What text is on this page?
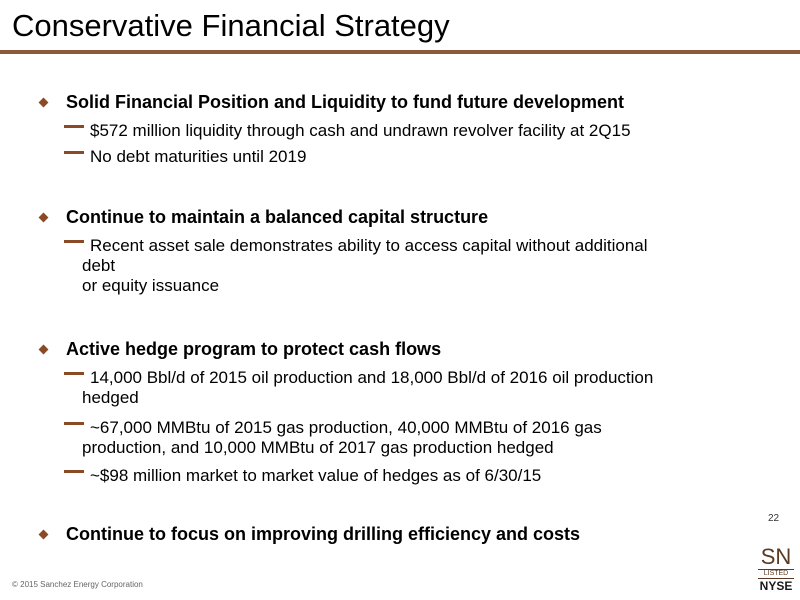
Conservative Financial Strategy
Solid Financial Position and Liquidity to fund future development
$572 million liquidity through cash and undrawn revolver facility at 2Q15
No debt maturities until 2019
Continue to maintain a balanced capital structure
Recent asset sale demonstrates ability to access capital without additional
debt
or equity issuance
Active hedge program to protect cash flows
14,000 Bbl/d of 2015 oil production and 18,000 Bbl/d of 2016 oil production
hedged
~67,000 MMBtu of 2015 gas production, 40,000 MMBtu of 2016 gas
production, and 10,000 MMBtu of 2017 gas production hedged
~$98 million market to market value of hedges as of 6/30/15
Continue to focus on improving drilling efficiency and costs
22
© 2015 Sanchez Energy Corporation
SN
LISTED
NYSE
